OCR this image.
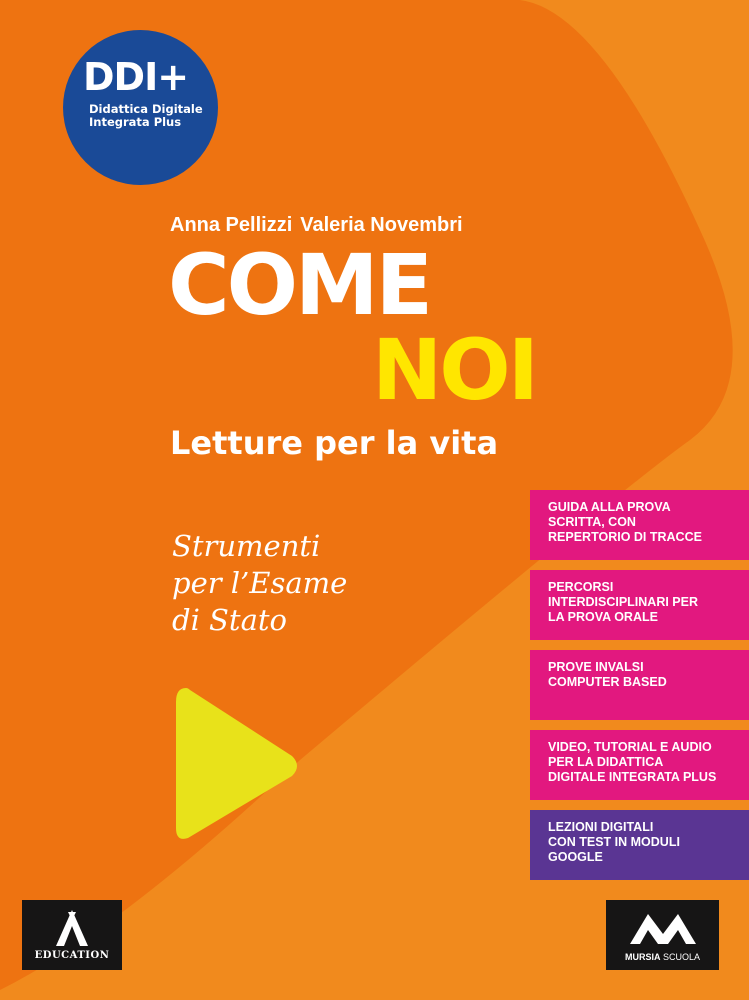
DDI+
Didattica Digitale
Integrata Plus
Anna Pellizzi Valeria Novembri
COME
NOI
Letture per la vita
Strumenti
per l’Esame
di Stato
GUIDA ALLA PROVA
SCRITTA, CON
REPERTORIO DI TRACCE
PERCORSI
INTERDISCIPLINARI PER
LA PROVA ORALE
PROVE INVALSI
COMPUTER BASED
VIDEO, TUTORIAL E AUDIO
PER LA DIDATTICA
DIGITALE INTEGRATA PLUS
LEZIONI DIGITALI
CON TEST IN MODULI
GOOGLE
EDUCATION	MURSIA SCUOLA
